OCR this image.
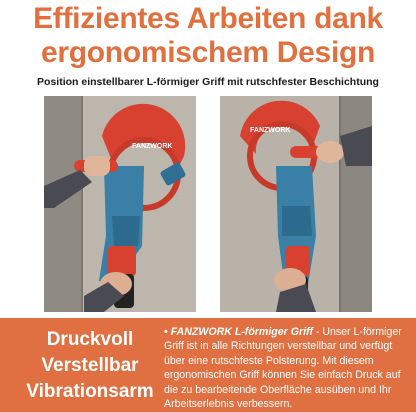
Effizientes Arbeiten dank
ergonomischem Design
Position einstellbarer L-förmiger Griff mit rutschfester Beschichtung
FANZWORK
FANZWORK
Druckvoll
Verstellbar
Vibrationsarm
• FANZWORK L-förmiger Griff - Unser L-förmiger Griff ist in alle Richtungen verstellbar und verfügt über eine rutschfeste Polsterung. Mit diesem ergonomischen Griff können Sie einfach Druck auf die zu bearbeitende Oberfläche ausüben und Ihr Arbeitserlebnis verbessern.
